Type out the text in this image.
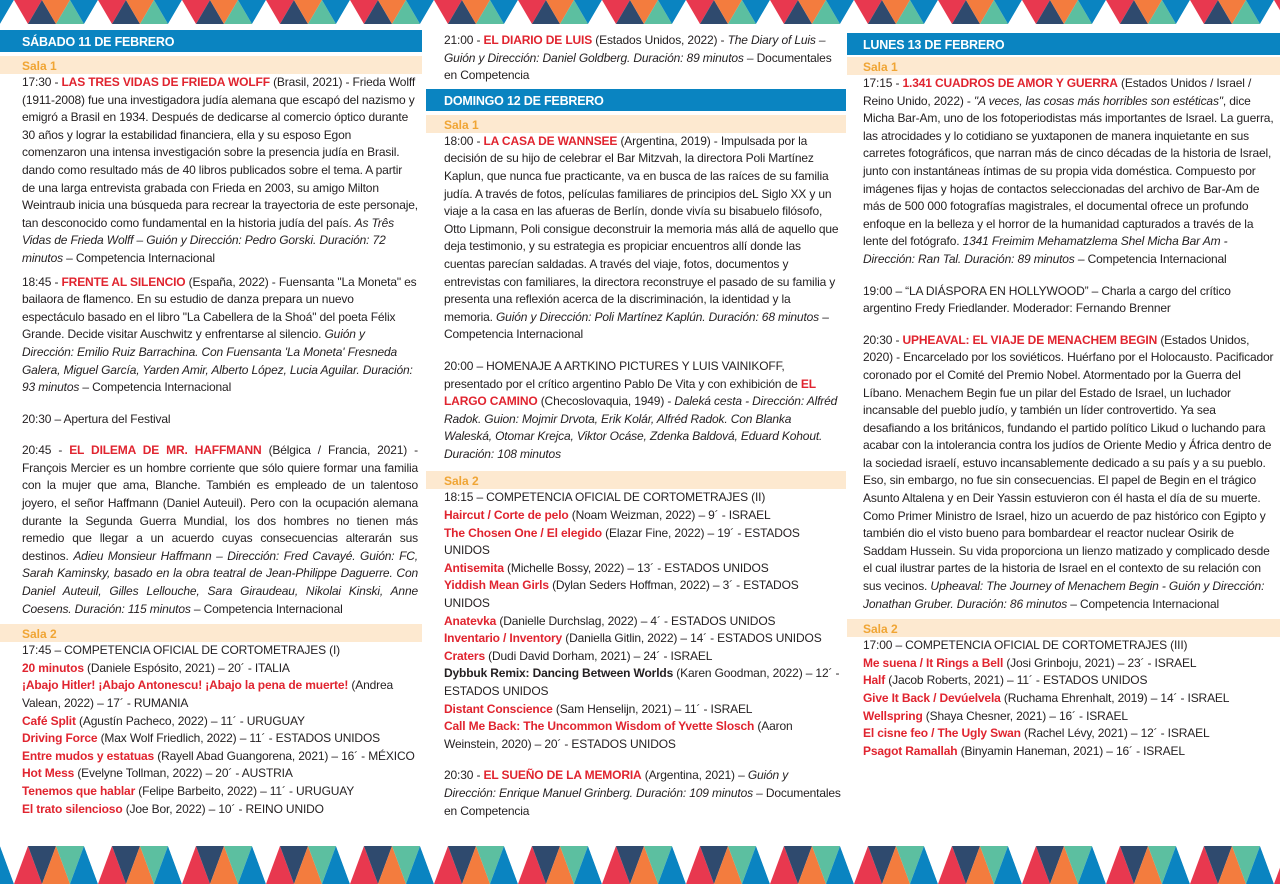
SÁBADO 11 DE FEBRERO
Sala 1
17:30 - LAS TRES VIDAS DE FRIEDA WOLFF (Brasil, 2021) - Frieda Wolff (1911-2008) fue una investigadora judía alemana que escapó del nazismo y emigró a Brasil en 1934. Después de dedicarse al comercio óptico durante 30 años y lograr la estabilidad financiera, ella y su esposo Egon comenzaron una intensa investigación sobre la presencia judía en Brasil. dando como resultado más de 40 libros publicados sobre el tema. A partir de una larga entrevista grabada con Frieda en 2003, su amigo Milton Weintraub inicia una búsqueda para recrear la trayectoria de este personaje, tan desconocido como fundamental en la historia judía del país. As Três Vidas de Frieda Wolff – Guión y Dirección: Pedro Gorski. Duración: 72 minutos – Competencia Internacional
18:45 - FRENTE AL SILENCIO (España, 2022) - Fuensanta "La Moneta" es bailaora de flamenco. En su estudio de danza prepara un nuevo espectáculo basado en el libro "La Cabellera de la Shoá" del poeta Félix Grande. Decide visitar Auschwitz y enfrentarse al silencio. Guión y Dirección: Emilio Ruiz Barrachina. Con Fuensanta 'La Moneta' Fresneda Galera, Miguel García, Yarden Amir, Alberto López, Lucia Aguilar. Duración: 93 minutos – Competencia Internacional
20:30 – Apertura del Festival
20:45 - EL DILEMA DE MR. HAFFMANN (Bélgica / Francia, 2021) - François Mercier es un hombre corriente que sólo quiere formar una familia con la mujer que ama, Blanche. También es empleado de un talentoso joyero, el señor Haffmann (Daniel Auteuil). Pero con la ocupación alemana durante la Segunda Guerra Mundial, los dos hombres no tienen más remedio que llegar a un acuerdo cuyas consecuencias alterarán sus destinos. Adieu Monsieur Haffmann – Dirección: Fred Cavayé. Guión: FC, Sarah Kaminsky, basado en la obra teatral de Jean-Philippe Daguerre. Con Daniel Auteuil, Gilles Lellouche, Sara Giraudeau, Nikolai Kinski, Anne Coesens. Duración: 115 minutos – Competencia Internacional
Sala 2
17:45 – COMPETENCIA OFICIAL DE CORTOMETRAJES (I)
20 minutos (Daniele Espósito, 2021) – 20´ - ITALIA
¡Abajo Hitler! ¡Abajo Antonescu! ¡Abajo la pena de muerte! (Andrea Valean, 2022) – 17´ - RUMANIA
Café Split (Agustín Pacheco, 2022) – 11´ - URUGUAY
Driving Force (Max Wolf Friedlich, 2022) – 11´ - ESTADOS UNIDOS
Entre mudos y estatuas (Rayell Abad Guangorena, 2021) – 16´ - MÉXICO
Hot Mess (Evelyne Tollman, 2022) – 20´ - AUSTRIA
Tenemos que hablar (Felipe Barbeito, 2022) – 11´ - URUGUAY
El trato silencioso (Joe Bor, 2022) – 10´ - REINO UNIDO
21:00 - EL DIARIO DE LUIS (Estados Unidos, 2022) - The Diary of Luis – Guión y Dirección: Daniel Goldberg. Duración: 89 minutos – Documentales en Competencia
DOMINGO 12 DE FEBRERO
Sala 1
18:00 - LA CASA DE WANNSEE (Argentina, 2019) - Impulsada por la decisión de su hijo de celebrar el Bar Mitzvah, la directora Poli Martínez Kaplun, que nunca fue practicante, va en busca de las raíces de su familia judía. A través de fotos, películas familiares de principios deL Siglo XX y un viaje a la casa en las afueras de Berlín, donde vivía su bisabuelo filósofo, Otto Lipmann, Poli consigue deconstruir la memoria más allá de aquello que deja testimonio, y su estrategia es propiciar encuentros allí donde las cuentas parecían saldadas. A través del viaje, fotos, documentos y entrevistas con familiares, la directora reconstruye el pasado de su familia y presenta una reflexión acerca de la discriminación, la identidad y la memoria. Guión y Dirección: Poli Martínez Kaplún. Duración: 68 minutos – Competencia Internacional
20:00 – HOMENAJE A ARTKINO PICTURES Y LUIS VAINIKOFF, presentado por el crítico argentino Pablo De Vita y con exhibición de EL LARGO CAMINO (Checoslovaquia, 1949) - Daleká cesta - Dirección: Alfréd Radok. Guion: Mojmir Drvota, Erik Kolár, Alfréd Radok. Con Blanka Waleská, Otomar Krejca, Viktor Ocáse, Zdenka Baldová, Eduard Kohout. Duración: 108 minutos
Sala 2
18:15 – COMPETENCIA OFICIAL DE CORTOMETRAJES (II)
Haircut / Corte de pelo (Noam Weizman, 2022) – 9´ - ISRAEL
The Chosen One / El elegido (Elazar Fine, 2022) – 19´ - ESTADOS UNIDOS
Antisemita (Michelle Bossy, 2022) – 13´ - ESTADOS UNIDOS
Yiddish Mean Girls (Dylan Seders Hoffman, 2022) – 3´ - ESTADOS UNIDOS
Anatevka (Danielle Durchslag, 2022) – 4´ - ESTADOS UNIDOS
Inventario / Inventory (Daniella Gitlin, 2022) – 14´ - ESTADOS UNIDOS
Craters (Dudi David Dorham, 2021) – 24´ - ISRAEL
Dybbuk Remix: Dancing Between Worlds (Karen Goodman, 2022) – 12´ - ESTADOS UNIDOS
Distant Conscience (Sam Henselijn, 2021) – 11´ - ISRAEL
Call Me Back: The Uncommon Wisdom of Yvette Slosch (Aaron Weinstein, 2020) – 20´ - ESTADOS UNIDOS
20:30 - EL SUEÑO DE LA MEMORIA (Argentina, 2021) – Guión y Dirección: Enrique Manuel Grinberg. Duración: 109 minutos – Documentales en Competencia
LUNES 13 DE FEBRERO
Sala 1
17:15 - 1.341 CUADROS DE AMOR Y GUERRA (Estados Unidos / Israel / Reino Unido, 2022) - "A veces, las cosas más horribles son estéticas", dice Micha Bar-Am, uno de los fotoperiodistas más importantes de Israel. La guerra, las atrocidades y lo cotidiano se yuxtaponen de manera inquietante en sus carretes fotográficos, que narran más de cinco décadas de la historia de Israel, junto con instantáneas íntimas de su propia vida doméstica. Compuesto por imágenes fijas y hojas de contactos seleccionadas del archivo de Bar-Am de más de 500 000 fotografías magistrales, el documental ofrece un profundo enfoque en la belleza y el horror de la humanidad capturados a través de la lente del fotógrafo. 1341 Freimim Mehamatzlema Shel Micha Bar Am - Dirección: Ran Tal. Duración: 89 minutos – Competencia Internacional
19:00 – “LA DIÁSPORA EN HOLLYWOOD” – Charla a cargo del crítico argentino Fredy Friedlander. Moderador: Fernando Brenner
20:30 - UPHEAVAL: EL VIAJE DE MENACHEM BEGIN (Estados Unidos, 2020) - Encarcelado por los soviéticos. Huérfano por el Holocausto. Pacificador coronado por el Comité del Premio Nobel. Atormentado por la Guerra del Líbano. Menachem Begin fue un pilar del Estado de Israel, un luchador incansable del pueblo judío, y también un líder controvertido. Ya sea desafiando a los británicos, fundando el partido político Likud o luchando para acabar con la intolerancia contra los judíos de Oriente Medio y África dentro de la sociedad israelí, estuvo incansablemente dedicado a su país y a su pueblo. Eso, sin embargo, no fue sin consecuencias. El papel de Begin en el trágico Asunto Altalena y en Deir Yassin estuvieron con él hasta el día de su muerte. Como Primer Ministro de Israel, hizo un acuerdo de paz histórico con Egipto y también dio el visto bueno para bombardear el reactor nuclear Osirik de Saddam Hussein. Su vida proporciona un lienzo matizado y complicado desde el cual ilustrar partes de la historia de Israel en el contexto de su relación con sus vecinos. Upheaval: The Journey of Menachem Begin - Guión y Dirección: Jonathan Gruber. Duración: 86 minutos – Competencia Internacional
Sala 2
17:00 – COMPETENCIA OFICIAL DE CORTOMETRAJES (III)
Me suena / It Rings a Bell (Josi Grinboju, 2021) – 23´ - ISRAEL
Half (Jacob Roberts, 2021) – 11´ - ESTADOS UNIDOS
Give It Back / Devúelvela (Ruchama Ehrenhalt, 2019) – 14´ - ISRAEL
Wellspring (Shaya Chesner, 2021) – 16´ - ISRAEL
El cisne feo / The Ugly Swan (Rachel Lévy, 2021) – 12´ - ISRAEL
Psagot Ramallah (Binyamin Haneman, 2021) – 16´ - ISRAEL
